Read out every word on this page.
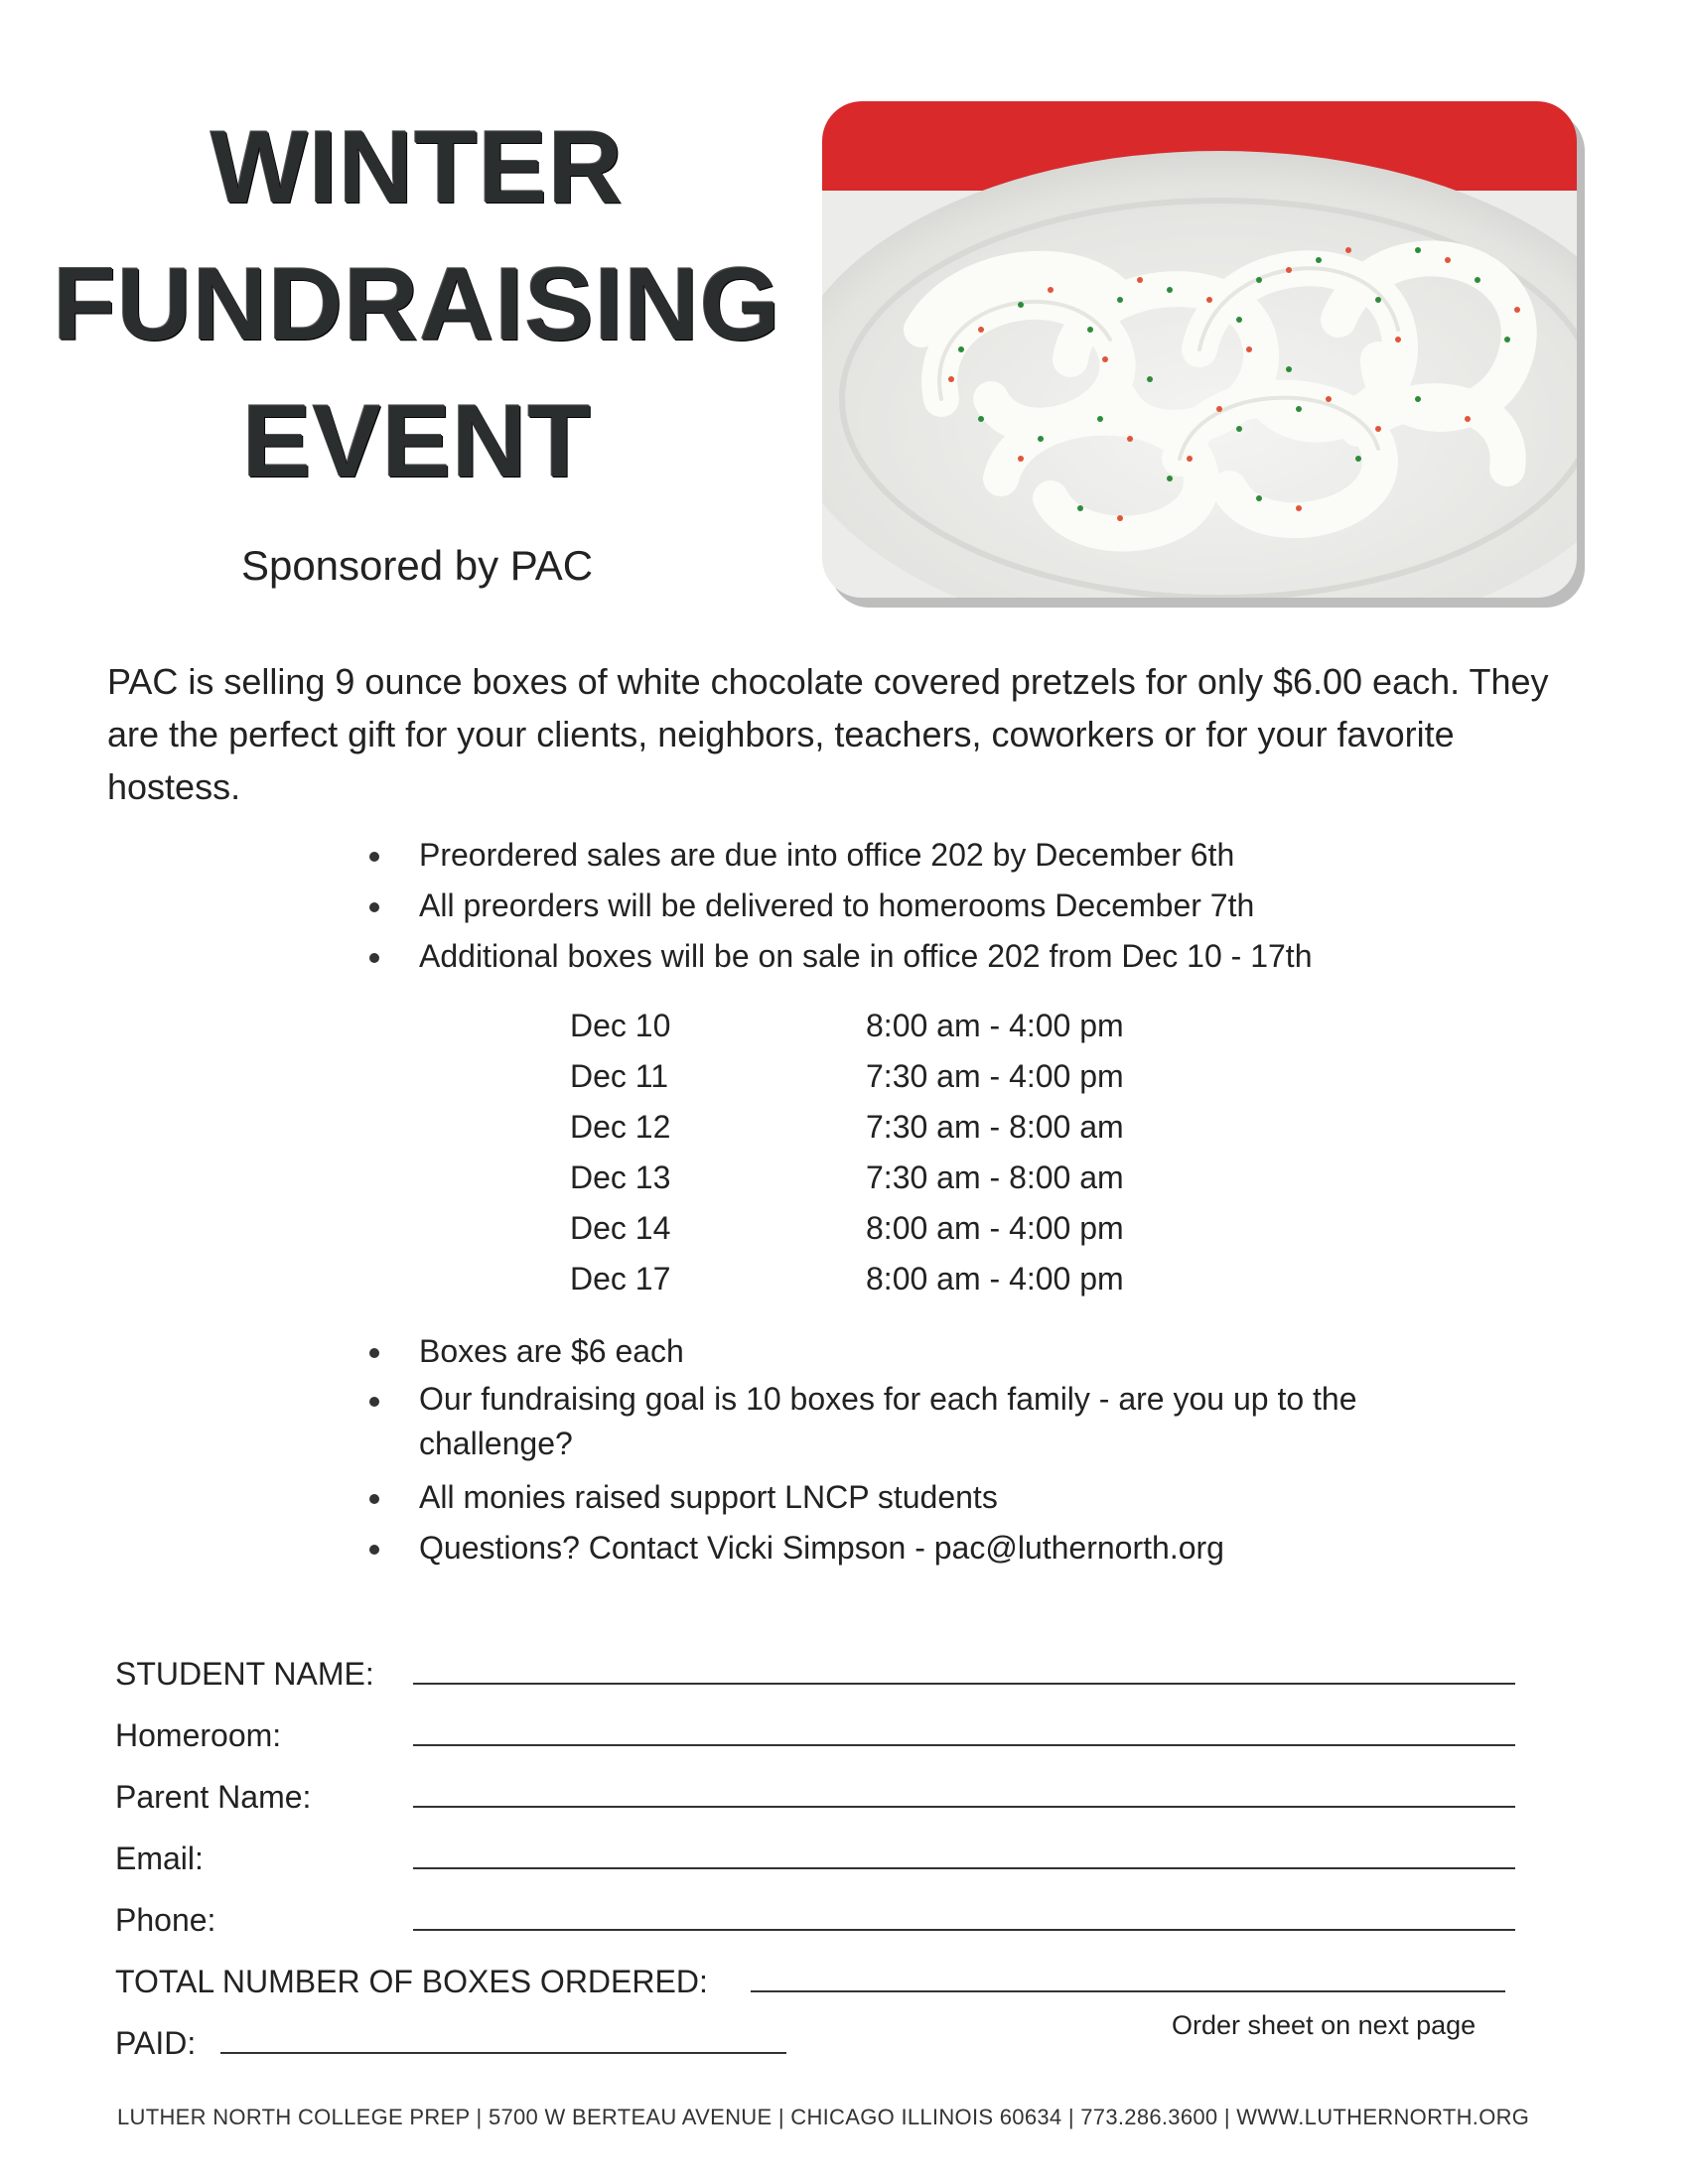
WINTER
FUNDRAISING
EVENT
Sponsored by PAC

PAC is selling 9 ounce boxes of white chocolate covered pretzels for only $6.00 each. They are the perfect gift for your clients, neighbors, teachers, coworkers or for your favorite hostess.

Preordered sales are due into office 202 by December 6th
All preorders will be delivered to homerooms December 7th
Additional boxes will be on sale in office 202 from Dec 10 - 17th
Dec 10	8:00 am - 4:00 pm
Dec 11	7:30 am - 4:00 pm
Dec 12	7:30 am - 8:00 am
Dec 13	7:30 am - 8:00 am
Dec 14	8:00 am - 4:00 pm
Dec 17	8:00 am - 4:00 pm
Boxes are $6 each
Our fundraising goal is 10 boxes for each family - are you up to the challenge?
All monies raised support LNCP students
Questions? Contact Vicki Simpson - pac@luthernorth.org
STUDENT NAME:
Homeroom:
Parent Name:
Email:
Phone:
TOTAL NUMBER OF BOXES ORDERED:
PAID:	Order sheet on next page
LUTHER NORTH COLLEGE PREP | 5700 W BERTEAU AVENUE | CHICAGO ILLINOIS 60634 | 773.286.3600 | WWW.LUTHERNORTH.ORG
